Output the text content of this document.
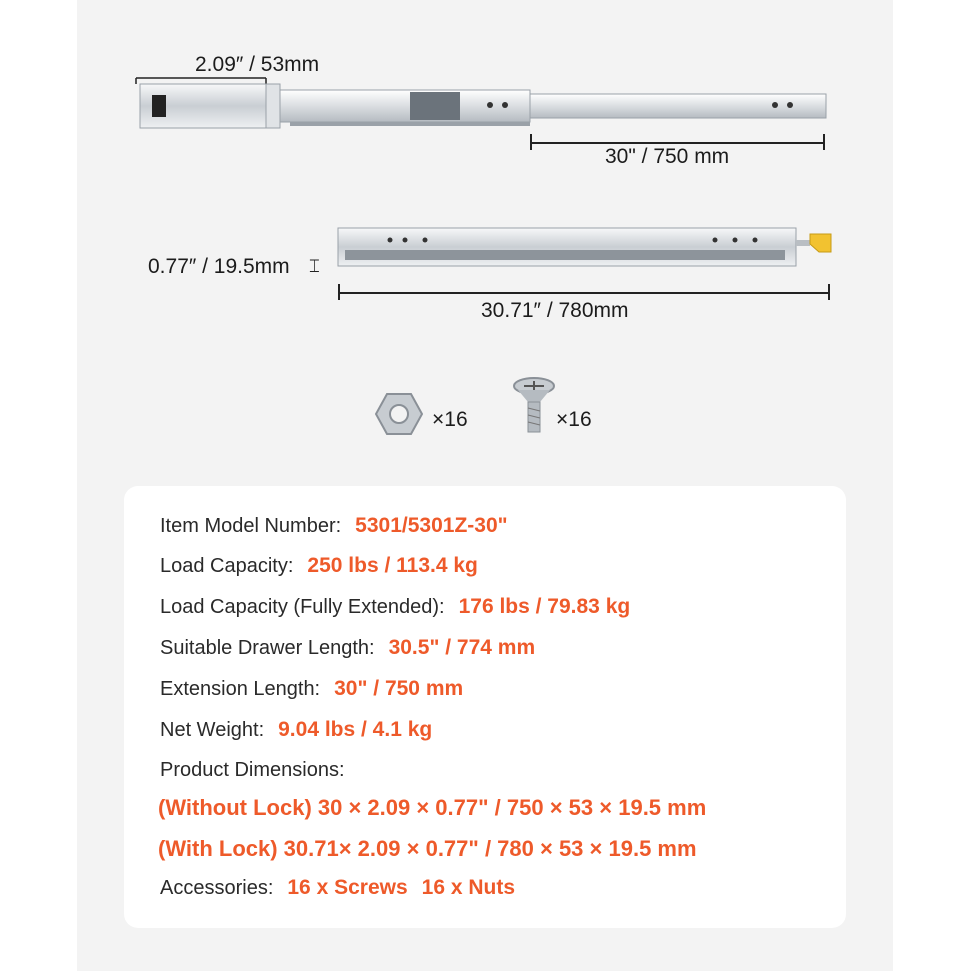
2.09″ / 53mm
30" / 750 mm
0.77″ / 19.5mm ⌶
30.71″ / 780mm
×16	×16
Item Model Number: 5301/5301Z-30"
Load Capacity: 250 lbs / 113.4 kg
Load Capacity (Fully Extended): 176 lbs / 79.83 kg
Suitable Drawer Length: 30.5" / 774 mm
Extension Length: 30" / 750 mm
Net Weight: 9.04 lbs / 4.1 kg
Product Dimensions:
(Without Lock) 30 × 2.09 × 0.77" / 750 × 53 × 19.5 mm
(With Lock) 30.71× 2.09 × 0.77" / 780 × 53 × 19.5 mm
Accessories: 16 x Screws 16 x Nuts
